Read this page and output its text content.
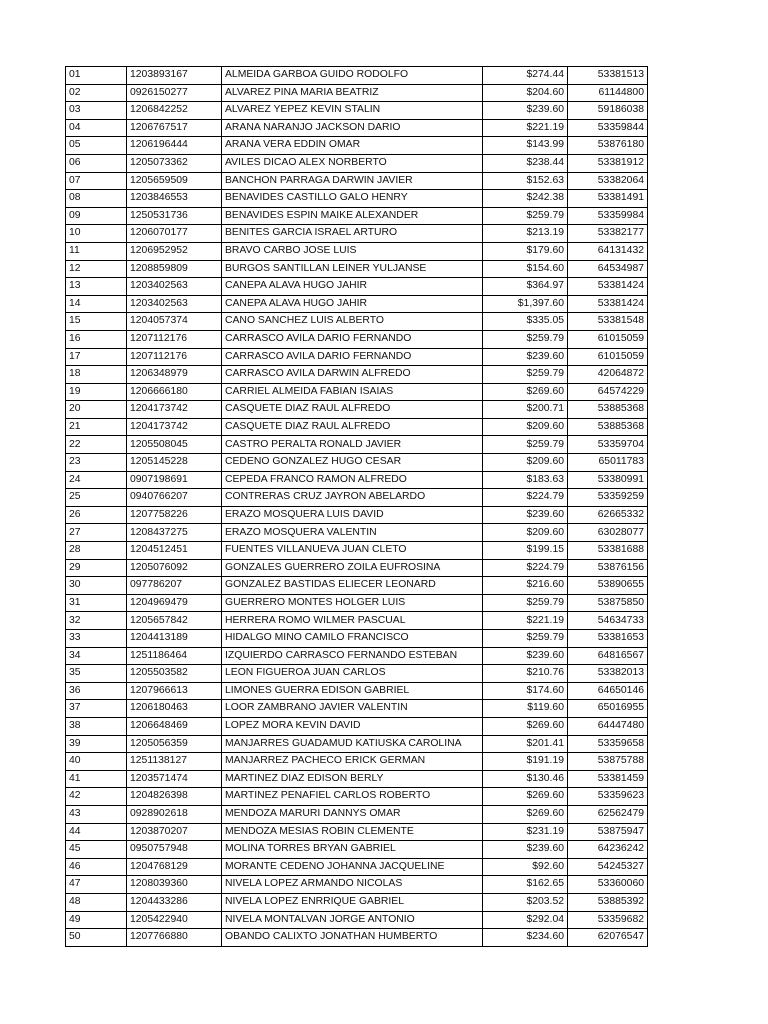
01	1203893167	ALMEIDA GARBOA GUIDO RODOLFO	$274.44	53381513
02	0926150277	ALVAREZ PINA MARIA BEATRIZ	$204.60	61144800
03	1206842252	ALVAREZ YEPEZ KEVIN STALIN	$239.60	59186038
04	1206767517	ARANA NARANJO JACKSON DARIO	$221.19	53359844
05	1206196444	ARANA VERA EDDIN OMAR	$143.99	53876180
06	1205073362	AVILES DICAO ALEX NORBERTO	$238.44	53381912
07	1205659509	BANCHON PARRAGA DARWIN JAVIER	$152.63	53382064
08	1203846553	BENAVIDES CASTILLO GALO HENRY	$242.38	53381491
09	1250531736	BENAVIDES ESPIN MAIKE ALEXANDER	$259.79	53359984
10	1206070177	BENITES GARCIA ISRAEL ARTURO	$213.19	53382177
11	1206952952	BRAVO CARBO JOSE LUIS	$179.60	64131432
12	1208859809	BURGOS SANTILLAN LEINER YULJANSE	$154.60	64534987
13	1203402563	CANEPA ALAVA HUGO JAHIR	$364.97	53381424
14	1203402563	CANEPA ALAVA HUGO JAHIR	$1,397.60	53381424
15	1204057374	CANO SANCHEZ LUIS ALBERTO	$335.05	53381548
16	1207112176	CARRASCO AVILA DARIO FERNANDO	$259.79	61015059
17	1207112176	CARRASCO AVILA DARIO FERNANDO	$239.60	61015059
18	1206348979	CARRASCO AVILA DARWIN ALFREDO	$259.79	42064872
19	1206666180	CARRIEL ALMEIDA FABIAN ISAIAS	$269.60	64574229
20	1204173742	CASQUETE DIAZ RAUL ALFREDO	$200.71	53885368
21	1204173742	CASQUETE DIAZ RAUL ALFREDO	$209.60	53885368
22	1205508045	CASTRO PERALTA RONALD JAVIER	$259.79	53359704
23	1205145228	CEDENO GONZALEZ HUGO CESAR	$209.60	65011783
24	0907198691	CEPEDA FRANCO RAMON ALFREDO	$183.63	53380991
25	0940766207	CONTRERAS CRUZ JAYRON ABELARDO	$224.79	53359259
26	1207758226	ERAZO MOSQUERA LUIS DAVID	$239.60	62665332
27	1208437275	ERAZO MOSQUERA VALENTIN	$209.60	63028077
28	1204512451	FUENTES VILLANUEVA JUAN CLETO	$199.15	53381688
29	1205076092	GONZALES GUERRERO ZOILA EUFROSINA	$224.79	53876156
30	097786207	GONZALEZ BASTIDAS ELIECER LEONARD	$216.60	53890655
31	1204969479	GUERRERO MONTES HOLGER LUIS	$259.79	53875850
32	1205657842	HERRERA ROMO WILMER PASCUAL	$221.19	54634733
33	1204413189	HIDALGO MINO CAMILO FRANCISCO	$259.79	53381653
34	1251186464	IZQUIERDO CARRASCO FERNANDO ESTEBAN	$239.60	64816567
35	1205503582	LEON FIGUEROA JUAN CARLOS	$210.76	53382013
36	1207966613	LIMONES GUERRA EDISON GABRIEL	$174.60	64650146
37	1206180463	LOOR ZAMBRANO JAVIER VALENTIN	$119.60	65016955
38	1206648469	LOPEZ MORA KEVIN DAVID	$269.60	64447480
39	1205056359	MANJARRES GUADAMUD KATIUSKA CAROLINA	$201.41	53359658
40	1251138127	MANJARREZ PACHECO ERICK GERMAN	$191.19	53875788
41	1203571474	MARTINEZ DIAZ EDISON BERLY	$130.46	53381459
42	1204826398	MARTINEZ PENAFIEL CARLOS ROBERTO	$269.60	53359623
43	0928902618	MENDOZA MARURI DANNYS OMAR	$269.60	62562479
44	1203870207	MENDOZA MESIAS ROBIN CLEMENTE	$231.19	53875947
45	0950757948	MOLINA TORRES BRYAN GABRIEL	$239.60	64236242
46	1204768129	MORANTE CEDENO JOHANNA JACQUELINE	$92.60	54245327
47	1208039360	NIVELA LOPEZ ARMANDO NICOLAS	$162.65	53360060
48	1204433286	NIVELA LOPEZ ENRRIQUE GABRIEL	$203.52	53885392
49	1205422940	NIVELA MONTALVAN JORGE ANTONIO	$292.04	53359682
50	1207766880	OBANDO CALIXTO JONATHAN HUMBERTO	$234.60	62076547
